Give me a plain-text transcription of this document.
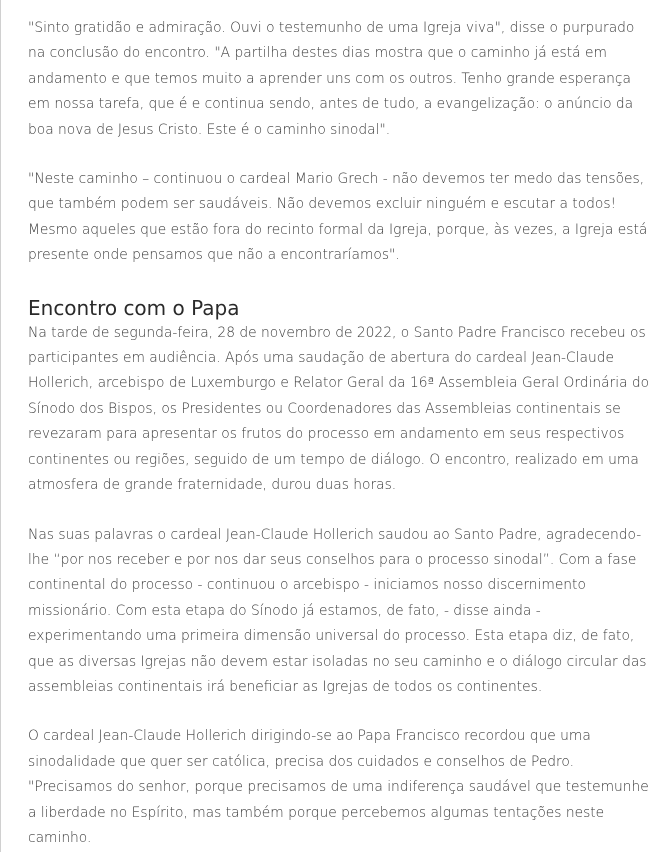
"Sinto gratidão e admiração. Ouvi o testemunho de uma Igreja viva", disse o purpurado na conclusão do encontro. "A partilha destes dias mostra que o caminho já está em andamento e que temos muito a aprender uns com os outros. Tenho grande esperança em nossa tarefa, que é e continua sendo, antes de tudo, a evangelização: o anúncio da boa nova de Jesus Cristo. Este é o caminho sinodal".

"Neste caminho – continuou o cardeal Mario Grech - não devemos ter medo das tensões, que também podem ser saudáveis. Não devemos excluir ninguém e escutar a todos! Mesmo aqueles que estão fora do recinto formal da Igreja, porque, às vezes, a Igreja está presente onde pensamos que não a encontraríamos".

Encontro com o Papa

Na tarde de segunda-feira, 28 de novembro de 2022, o Santo Padre Francisco recebeu os participantes em audiência. Após uma saudação de abertura do cardeal Jean-Claude Hollerich, arcebispo de Luxemburgo e Relator Geral da 16ª Assembleia Geral Ordinária do Sínodo dos Bispos, os Presidentes ou Coordenadores das Assembleias continentais se revezaram para apresentar os frutos do processo em andamento em seus respectivos continentes ou regiões, seguido de um tempo de diálogo. O encontro, realizado em uma atmosfera de grande fraternidade, durou duas horas.

Nas suas palavras o cardeal Jean-Claude Hollerich saudou ao Santo Padre, agradecendo-lhe “por nos receber e por nos dar seus conselhos para o processo sinodal”. Com a fase continental do processo - continuou o arcebispo - iniciamos nosso discernimento missionário. Com esta etapa do Sínodo já estamos, de fato, - disse ainda - experimentando uma primeira dimensão universal do processo. Esta etapa diz, de fato, que as diversas Igrejas não devem estar isoladas no seu caminho e o diálogo circular das assembleias continentais irá beneficiar as Igrejas de todos os continentes.

O cardeal Jean-Claude Hollerich dirigindo-se ao Papa Francisco recordou que uma sinodalidade que quer ser católica, precisa dos cuidados e conselhos de Pedro. "Precisamos do senhor, porque precisamos de uma indiferença saudável que testemunhe a liberdade no Espírito, mas também porque percebemos algumas tentações neste caminho.
